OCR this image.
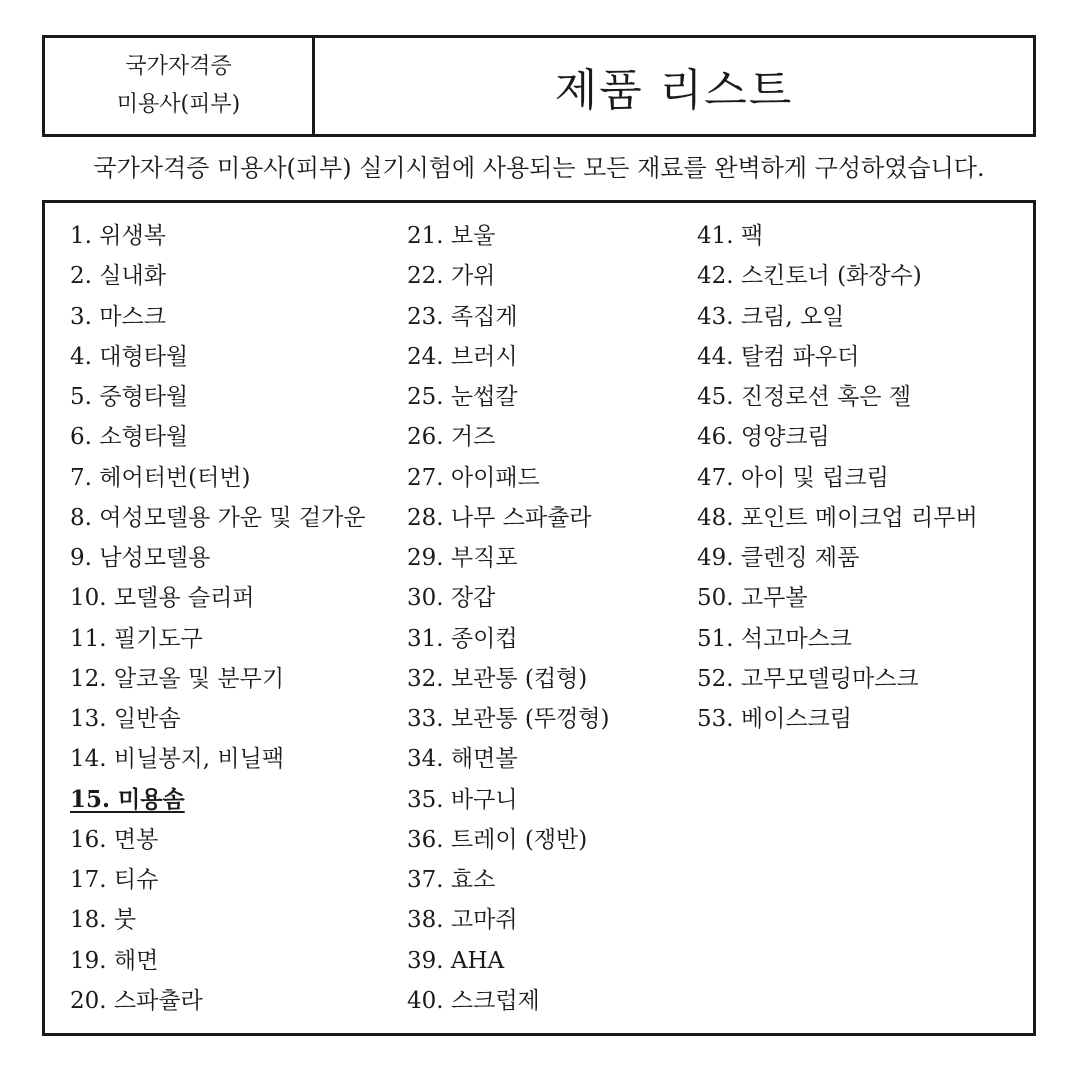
국가자격증
미용사(피부)	제품 리스트
국가자격증 미용사(피부) 실기시험에 사용되는 모든 재료를 완벽하게 구성하였습니다.
1. 위생복
2. 실내화
3. 마스크
4. 대형타월
5. 중형타월
6. 소형타월
7. 헤어터번(터번)
8. 여성모델용 가운 및 겉가운
9. 남성모델용
10. 모델용 슬리퍼
11. 필기도구
12. 알코올 및 분무기
13. 일반솜
14. 비닐봉지, 비닐팩
15. 미용솜
16. 면봉
17. 티슈
18. 붓
19. 해면
20. 스파츌라
21. 보울
22. 가위
23. 족집게
24. 브러시
25. 눈썹칼
26. 거즈
27. 아이패드
28. 나무 스파츌라
29. 부직포
30. 장갑
31. 종이컵
32. 보관통 (컵형)
33. 보관통 (뚜껑형)
34. 해면볼
35. 바구니
36. 트레이 (쟁반)
37. 효소
38. 고마쥐
39. AHA
40. 스크럽제
41. 팩
42. 스킨토너 (화장수)
43. 크림, 오일
44. 탈컴 파우더
45. 진정로션 혹은 젤
46. 영양크림
47. 아이 및 립크림
48. 포인트 메이크업 리무버
49. 클렌징 제품
50. 고무볼
51. 석고마스크
52. 고무모델링마스크
53. 베이스크림
